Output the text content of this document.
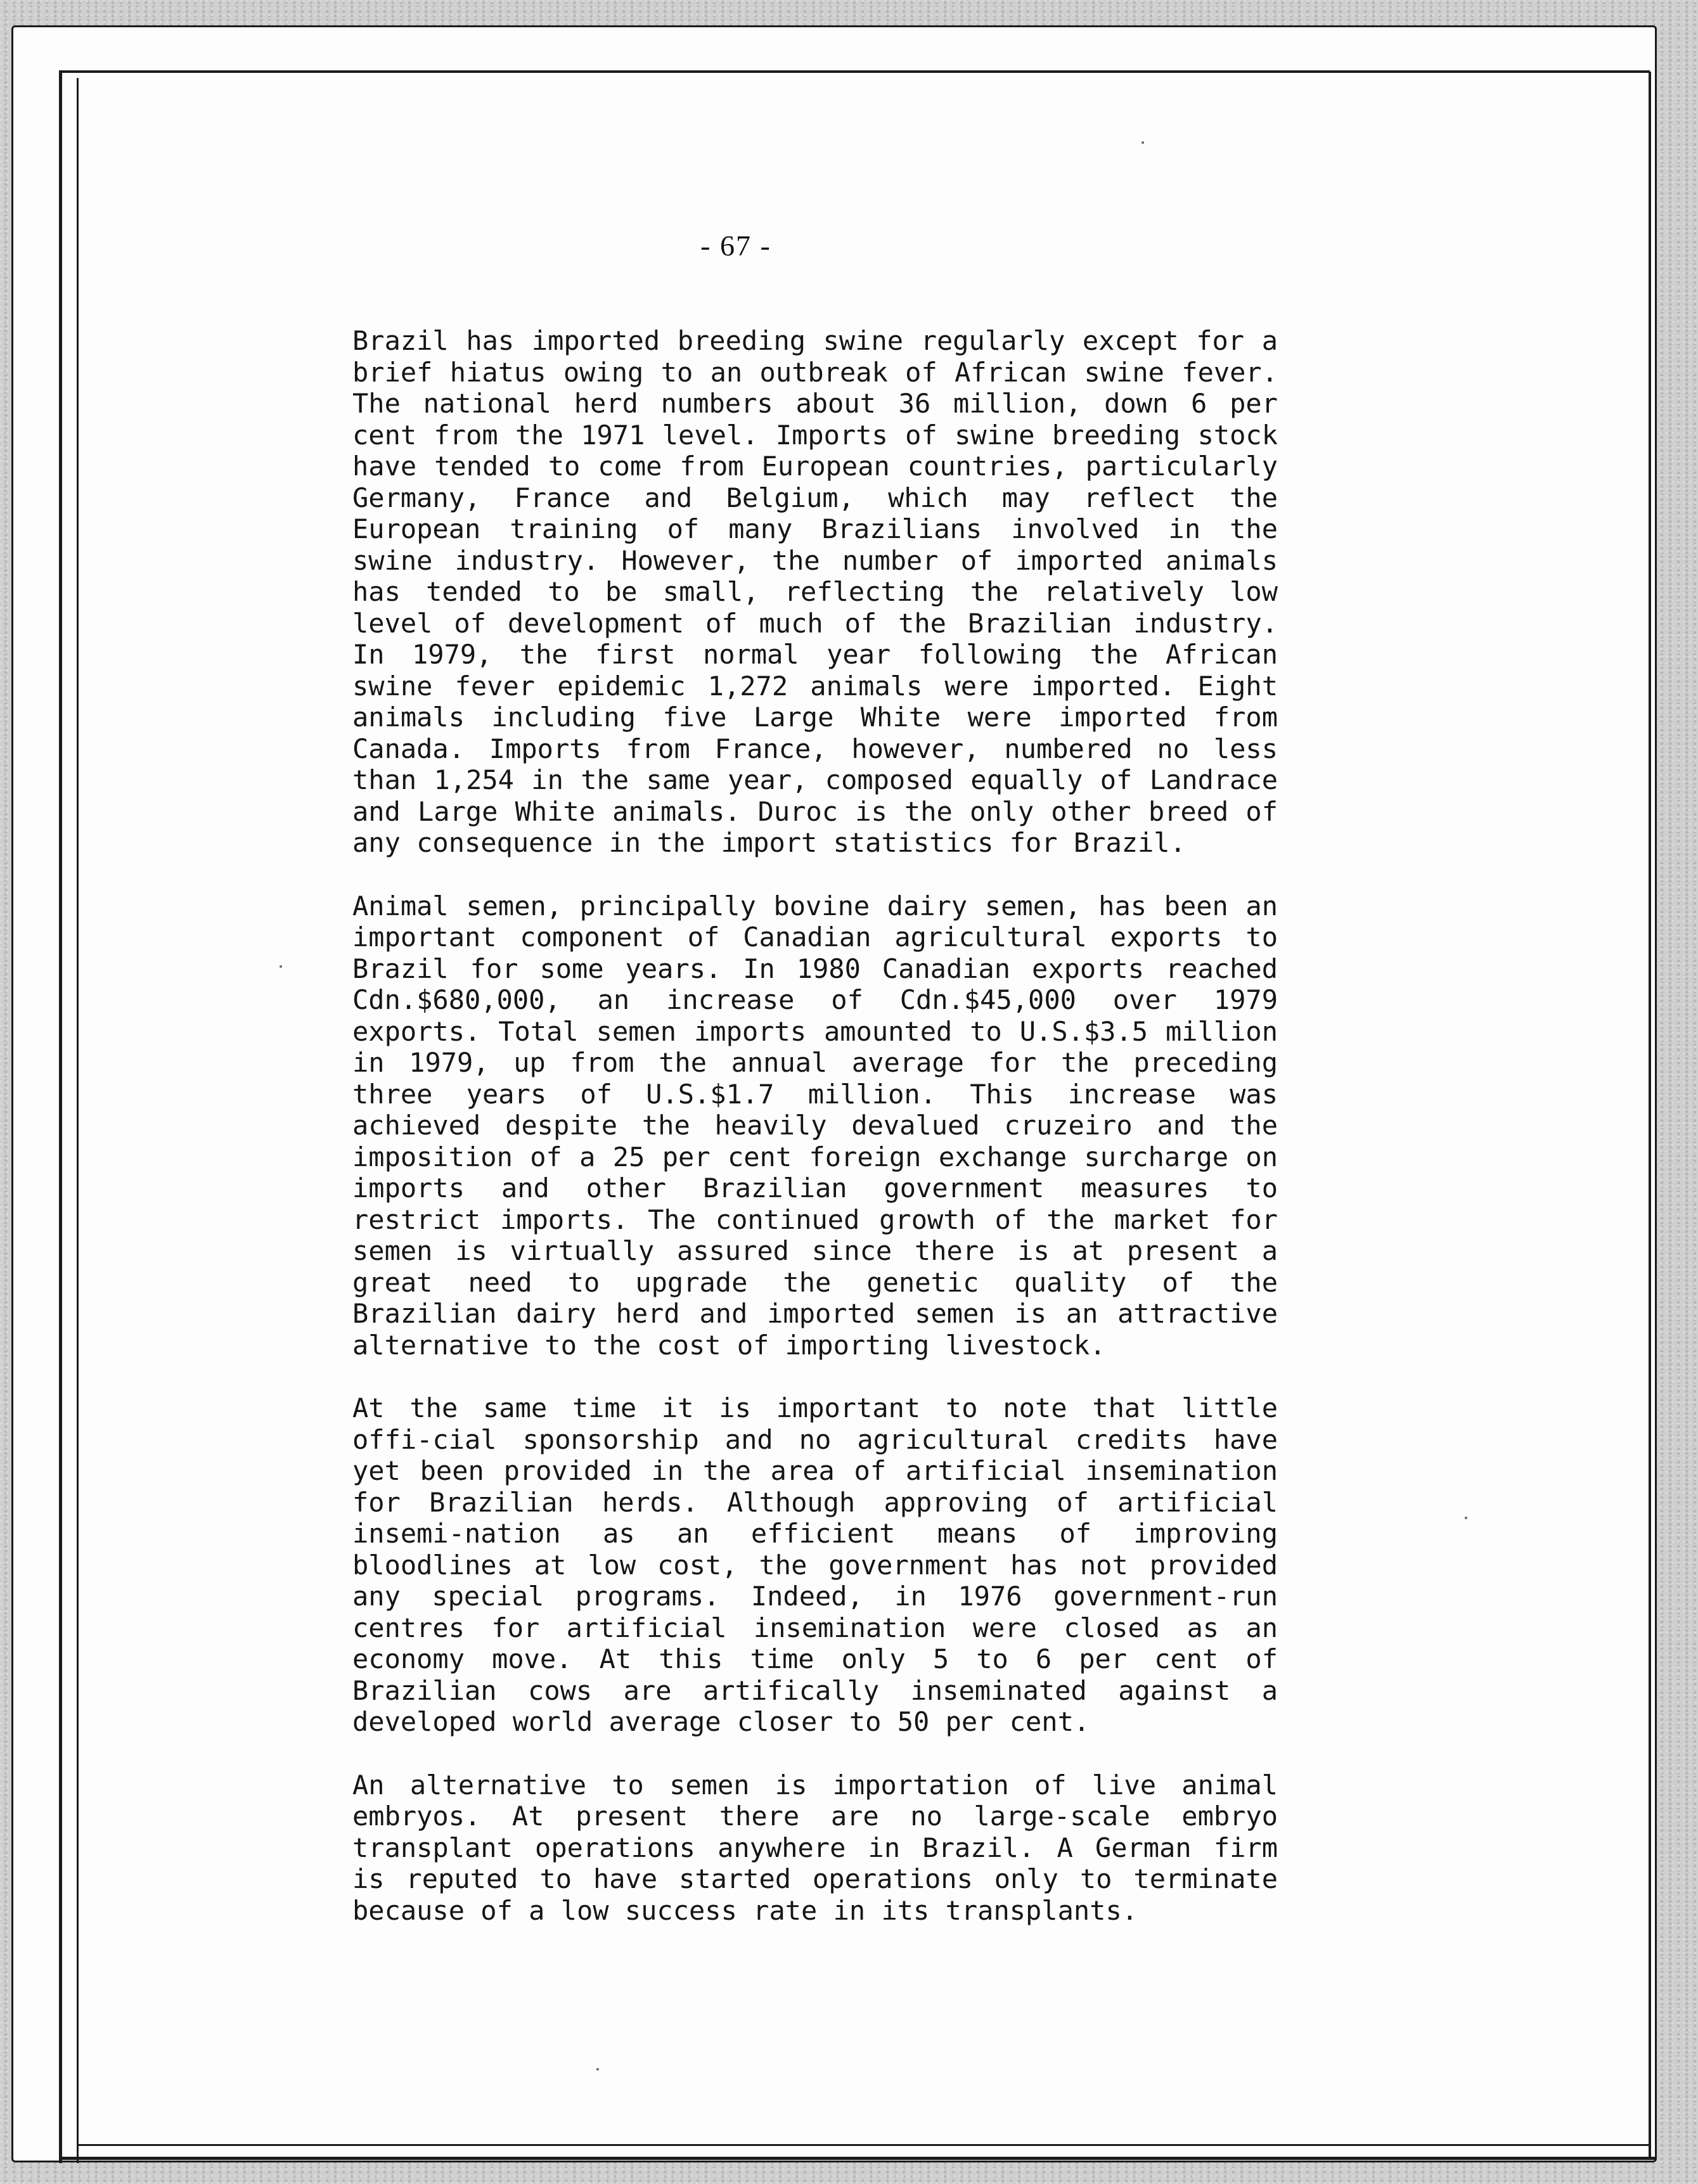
- 67 -

Brazil has imported breeding swine regularly except for a brief hiatus owing to an outbreak of African swine fever. The national herd numbers about 36 million, down 6 per cent from the 1971 level. Imports of swine breeding stock have tended to come from European countries, particularly Germany, France and Belgium, which may reflect the European training of many Brazilians involved in the swine industry. However, the number of imported animals has tended to be small, reflecting the relatively low level of development of much of the Brazilian industry. In 1979, the first normal year following the African swine fever epidemic 1,272 animals were imported. Eight animals including five Large White were imported from Canada. Imports from France, however, numbered no less than 1,254 in the same year, composed equally of Landrace and Large White animals. Duroc is the only other breed of any consequence in the import statistics for Brazil.

Animal semen, principally bovine dairy semen, has been an important component of Canadian agricultural exports to Brazil for some years. In 1980 Canadian exports reached Cdn.$680,000, an increase of Cdn.$45,000 over 1979 exports. Total semen imports amounted to U.S.$3.5 million in 1979, up from the annual average for the preceding three years of U.S.$1.7 million. This increase was achieved despite the heavily devalued cruzeiro and the imposition of a 25 per cent foreign exchange surcharge on imports and other Brazilian government measures to restrict imports. The continued growth of the market for semen is virtually assured since there is at present a great need to upgrade the genetic quality of the Brazilian dairy herd and imported semen is an attractive alternative to the cost of importing livestock.

At the same time it is important to note that little offi-cial sponsorship and no agricultural credits have yet been provided in the area of artificial insemination for Brazilian herds. Although approving of artificial insemi-nation as an efficient means of improving bloodlines at low cost, the government has not provided any special programs. Indeed, in 1976 government-run centres for artificial insemination were closed as an economy move. At this time only 5 to 6 per cent of Brazilian cows are artifically inseminated against a developed world average closer to 50 per cent.

An alternative to semen is importation of live animal embryos. At present there are no large-scale embryo transplant operations anywhere in Brazil. A German firm is reputed to have started operations only to terminate because of a low success rate in its transplants.
